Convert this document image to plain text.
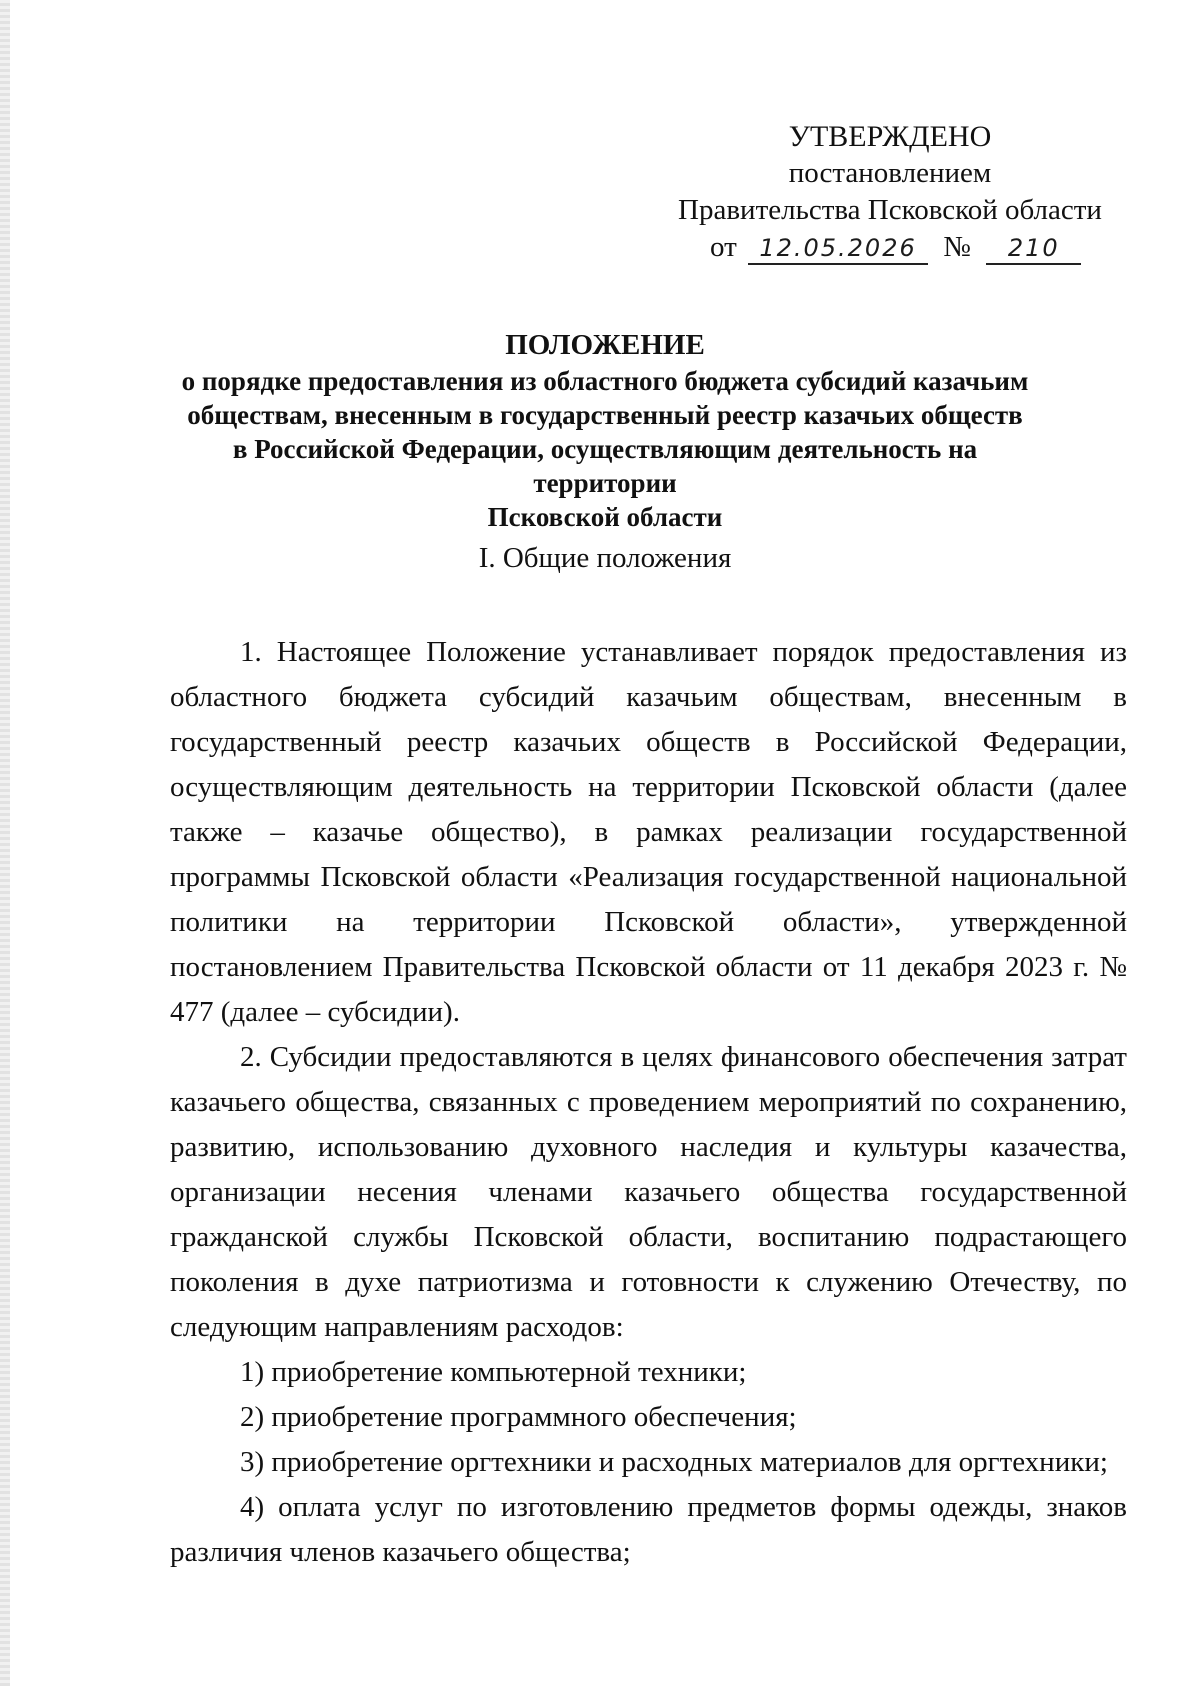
УТВЕРЖДЕНО
постановлением
Правительства Псковской области
от 12.05.2026 № 210
ПОЛОЖЕНИЕ
о порядке предоставления из областного бюджета субсидий казачьим
обществам, внесенным в государственный реестр казачьих обществ
в Российской Федерации, осуществляющим деятельность на территории
Псковской области
I. Общие положения

1. Настоящее Положение устанавливает порядок предоставления из областного бюджета субсидий казачьим обществам, внесенным в государственный реестр казачьих обществ в Российской Федерации, осуществляющим деятельность на территории Псковской области (далее также – казачье общество), в рамках реализации государственной программы Псковской области «Реализация государственной национальной политики на территории Псковской области», утвержденной постановлением Правительства Псковской области от 11 декабря 2023 г. № 477 (далее – субсидии).

2. Субсидии предоставляются в целях финансового обеспечения затрат казачьего общества, связанных с проведением мероприятий по сохранению, развитию, использованию духовного наследия и культуры казачества, организации несения членами казачьего общества государственной гражданской службы Псковской области, воспитанию подрастающего поколения в духе патриотизма и готовности к служению Отечеству, по следующим направлениям расходов:

1) приобретение компьютерной техники;

2) приобретение программного обеспечения;

3) приобретение оргтехники и расходных материалов для оргтехники;

4) оплата услуг по изготовлению предметов формы одежды, знаков различия членов казачьего общества;
